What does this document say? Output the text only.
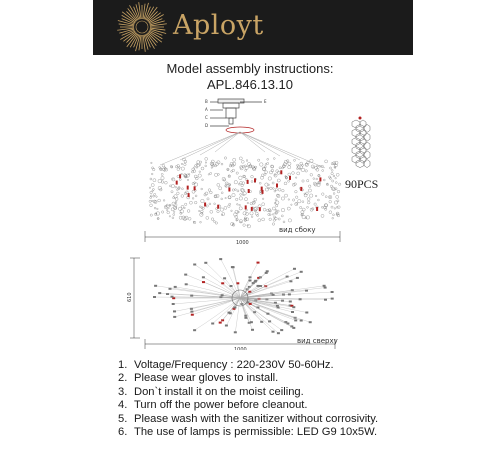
Aployt
Model assembly instructions:
APL.846.13.10
B
A
C
D
E
1000
1000
610
90PCS
вид сбоку
вид сверху
1. Voltage/Frequency : 220-230V 50-60Hz.
2. Please wear gloves to install.
3. Don`t install it on the moist ceiling.
4. Turn off the power before cleanout.
5. Please wash with the sanitizer without corrosivity.
6. The use of lamps is permissible: LED G9 10x5W.
